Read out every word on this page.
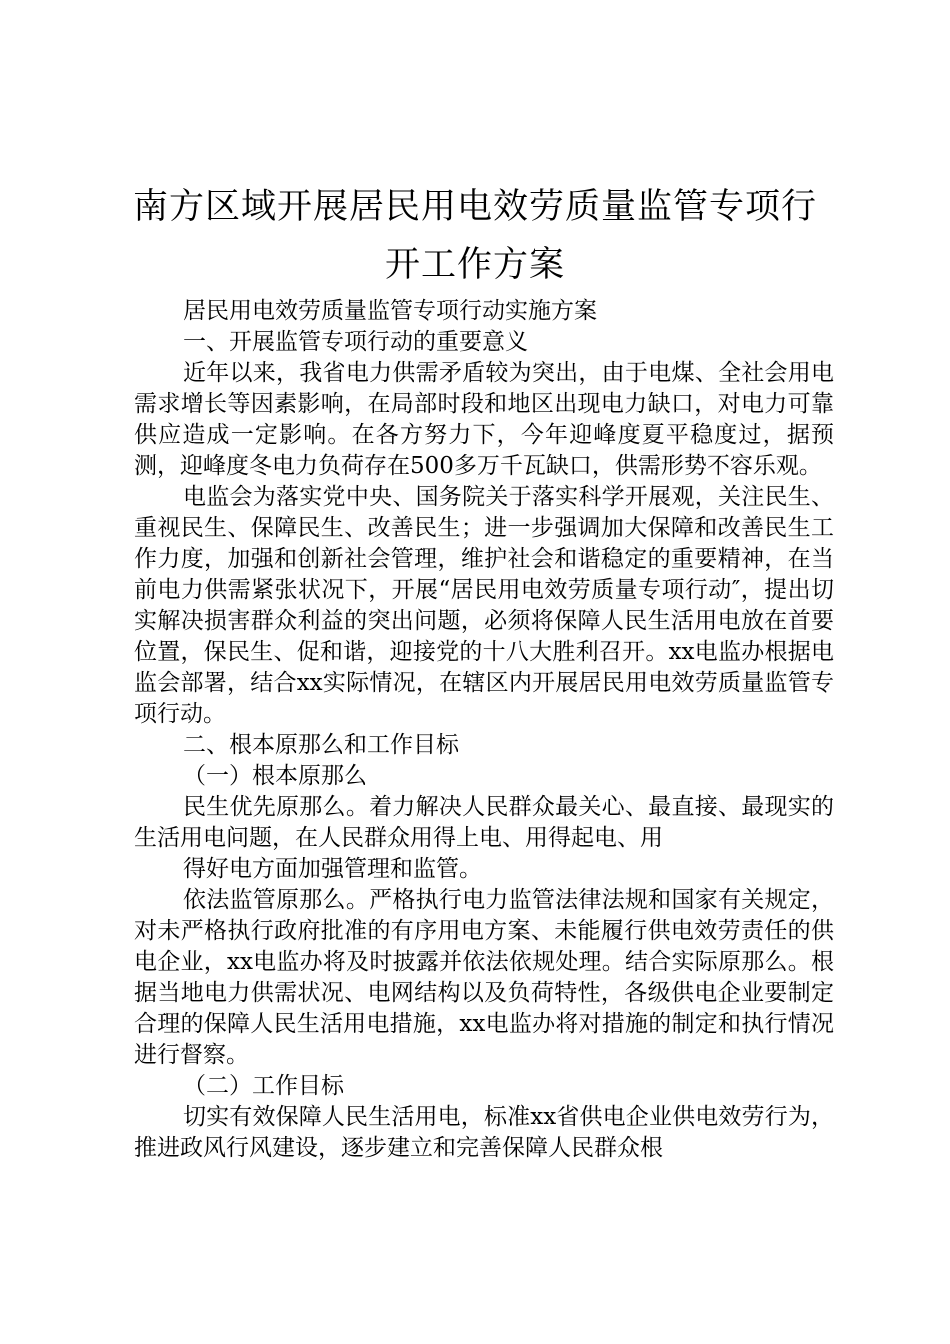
南方区域开展居民用电效劳质量监管专项行
开工作方案

居民用电效劳质量监管专项行动实施方案

一、开展监管专项行动的重要意义

近年以来，我省电力供需矛盾较为突出，由于电煤、全社会用电需求增长等因素影响，在局部时段和地区出现电力缺口，对电力可靠供应造成一定影响。在各方努力下，今年迎峰度夏平稳度过，据预测，迎峰度冬电力负荷存在500多万千瓦缺口，供需形势不容乐观。

电监会为落实党中央、国务院关于落实科学开展观，关注民生、重视民生、保障民生、改善民生；进一步强调加大保障和改善民生工作力度，加强和创新社会管理，维护社会和谐稳定的重要精神，在当前电力供需紧张状况下，开展“居民用电效劳质量专项行动″，提出切实解决损害群众利益的突出问题，必须将保障人民生活用电放在首要位置，保民生、促和谐，迎接党的十八大胜利召开。xx电监办根据电监会部署，结合xx实际情况，在辖区内开展居民用电效劳质量监管专项行动。

二、根本原那么和工作目标

（一）根本原那么

民生优先原那么。着力解决人民群众最关心、最直接、最现实的生活用电问题，在人民群众用得上电、用得起电、用

得好电方面加强管理和监管。

依法监管原那么。严格执行电力监管法律法规和国家有关规定，对未严格执行政府批准的有序用电方案、未能履行供电效劳责任的供电企业，xx电监办将及时披露并依法依规处理。结合实际原那么。根据当地电力供需状况、电网结构以及负荷特性，各级供电企业要制定合理的保障人民生活用电措施，xx电监办将对措施的制定和执行情况进行督察。

（二）工作目标

切实有效保障人民生活用电，标准xx省供电企业供电效劳行为，推进政风行风建设，逐步建立和完善保障人民群众根
